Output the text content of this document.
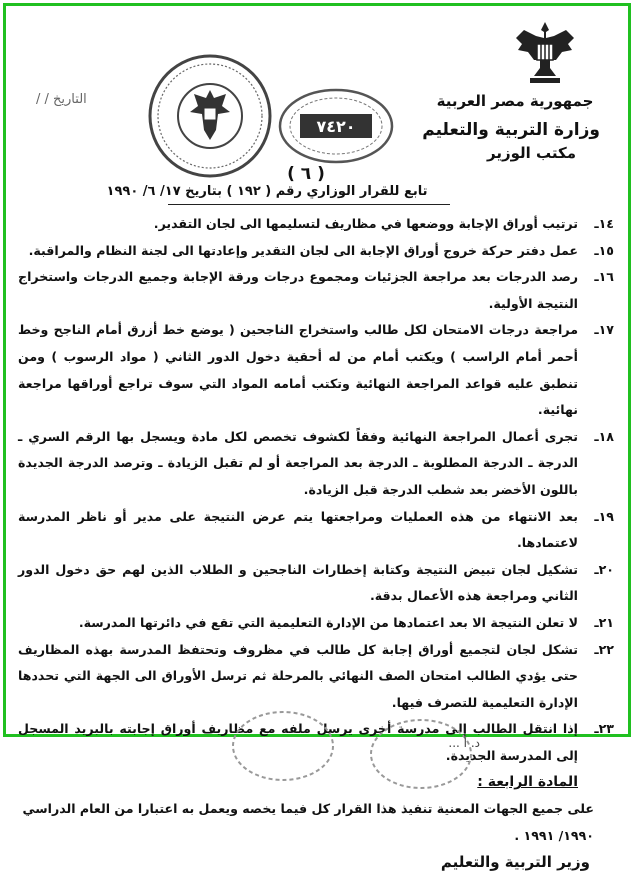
جمهورية مصر العربية
وزارة التربية والتعليم
مكتب الوزير
٧٤٢٠
التاريخ / /
( ٦ )
تابع للقرار الوزاري رقم ( ١٩٢ ) بتاريخ ١٧/ ٦/ ١٩٩٠
١٤ـ
ترتيب أوراق الإجابة ووضعها في مظاريف لتسليمها الى لجان التقدير.
١٥ـ
عمل دفتر حركة خروج أوراق الإجابة الى لجان التقدير وإعادتها الى لجنة النظام والمراقبة.
١٦ـ
رصد الدرجات بعد مراجعة الجزئيات ومجموع درجات ورقة الإجابة وجميع الدرجات واستخراج النتيجة الأولية.
١٧ـ
مراجعة درجات الامتحان لكل طالب واستخراج الناجحين ( يوضع خط أزرق أمام الناجح وخط أحمر أمام الراسب ) ويكتب أمام من له أحقية دخول الدور الثاني ( مواد الرسوب ) ومن تنطبق عليه قواعد المراجعة النهائية وتكتب أمامه المواد التي سوف تراجع أوراقها مراجعة نهائية.
١٨ـ
تجرى أعمال المراجعة النهائية وفقاً لكشوف تخصص لكل مادة ويسجل بها الرقم السري ـ الدرجة ـ الدرجة المطلوبة ـ الدرجة بعد المراجعة أو لم تقبل الزيادة ـ وترصد الدرجة الجديدة باللون الأخضر بعد شطب الدرجة قبل الزيادة.
١٩ـ
بعد الانتهاء من هذه العمليات ومراجعتها يتم عرض النتيجة على مدير أو ناظر المدرسة لاعتمادها.
٢٠ـ
تشكيل لجان تبيض النتيجة وكتابة إخطارات الناجحين و الطلاب الذين لهم حق دخول الدور الثاني ومراجعة هذه الأعمال بدقة.
٢١ـ
لا تعلن النتيجة الا بعد اعتمادها من الإدارة التعليمية التي تقع في دائرتها المدرسة.
٢٢ـ
تشكل لجان لتجميع أوراق إجابة كل طالب في مظروف وتحتفظ المدرسة بهذه المظاريف حتى يؤدي الطالب امتحان الصف النهائي بالمرحلة ثم ترسل الأوراق الى الجهة التي تحددها الإدارة التعليمية للتصرف فيها.
٢٣ـ
إذا انتقل الطالب إلى مدرسة أخرى يرسل ملفه مع مظاريف أوراق إجابته بالبريد المسجل إلى المدرسة الجديدة.
المادة الرابعة :
على جميع الجهات المعنية تنفيذ هذا القرار كل فيما يخصه ويعمل به اعتبارا من العام الدراسي ١٩٩٠/ ١٩٩١ .
وزير التربية والتعليم
د. أ ...
